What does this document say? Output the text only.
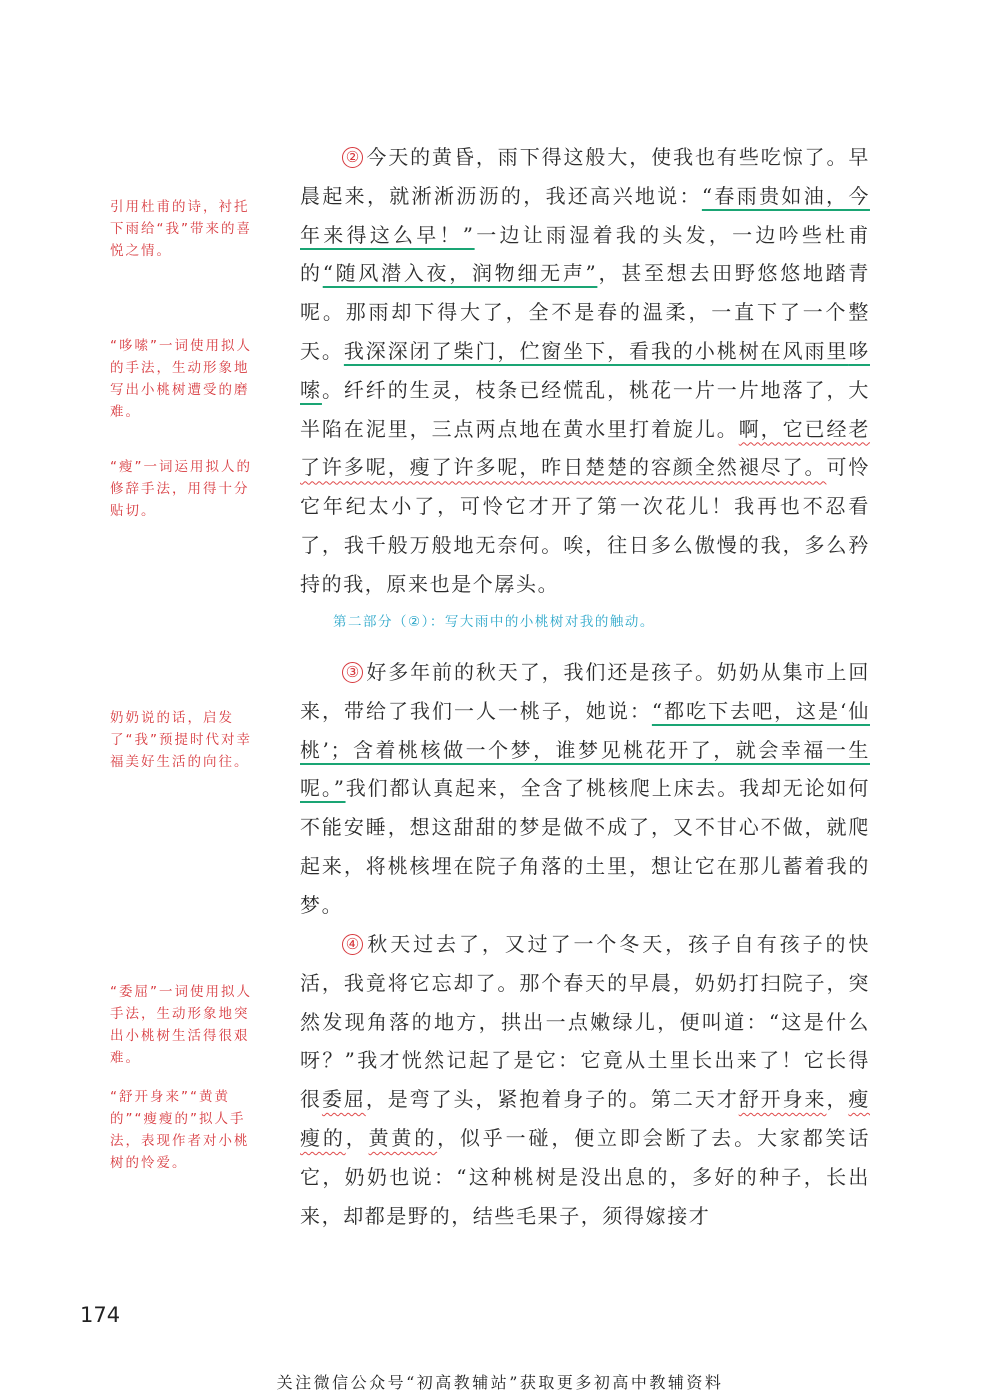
引用杜甫的诗，衬托下雨给“我”带来的喜悦之情。

“哆嗦”一词使用拟人的手法，生动形象地写出小桃树遭受的磨难。

“瘦”一词运用拟人的修辞手法，用得十分贴切。

奶奶说的话，启发了“我”预提时代对幸福美好生活的向往。

“委屈”一词使用拟人手法，生动形象地突出小桃树生活得很艰难。

“舒开身来”“黄黄的”“瘦瘦的”拟人手法，表现作者对小桃树的怜爱。

② 今天的黄昏，雨下得这般大，使我也有些吃惊了。早晨起来，就淅淅沥沥的，我还高兴地说：“春雨贵如油，今年来得这么早！”一边让雨湿着我的头发，一边吟些杜甫的“随风潜入夜，润物细无声”，甚至想去田野悠悠地踏青呢。那雨却下得大了，全不是春的温柔，一直下了一个整天。我深深闭了柴门，伫窗坐下，看我的小桃树在风雨里哆嗦。纤纤的生灵，枝条已经慌乱，桃花一片一片地落了，大半陷在泥里，三点两点地在黄水里打着旋儿。啊，它已经老了许多呢，瘦了许多呢，昨日楚楚的容颜全然褪尽了。可怜它年纪太小了，可怜它才开了第一次花儿！我再也不忍看了，我千般万般地无奈何。唉，往日多么傲慢的我，多么矜持的我，原来也是个孱头。

第二部分（②）：写大雨中的小桃树对我的触动。

③ 好多年前的秋天了，我们还是孩子。奶奶从集市上回来，带给了我们一人一桃子，她说：“都吃下去吧，这是‘仙桃’；含着桃核做一个梦，谁梦见桃花开了，就会幸福一生呢。”我们都认真起来，全含了桃核爬上床去。我却无论如何不能安睡，想这甜甜的梦是做不成了，又不甘心不做，就爬起来，将桃核埋在院子角落的土里，想让它在那儿蓄着我的梦。

④ 秋天过去了，又过了一个冬天，孩子自有孩子的快活，我竟将它忘却了。那个春天的早晨，奶奶打扫院子，突然发现角落的地方，拱出一点嫩绿儿，便叫道：“这是什么呀？”我才恍然记起了是它：它竟从土里长出来了！它长得很委屈，是弯了头，紧抱着身子的。第二天才舒开身来，瘦瘦的，黄黄的，似乎一碰，便立即会断了去。大家都笑话它，奶奶也说：“这种桃树是没出息的，多好的种子，长出来，却都是野的，结些毛果子，须得嫁接才

174

关注微信公众号“初高教辅站”获取更多初高中教辅资料
